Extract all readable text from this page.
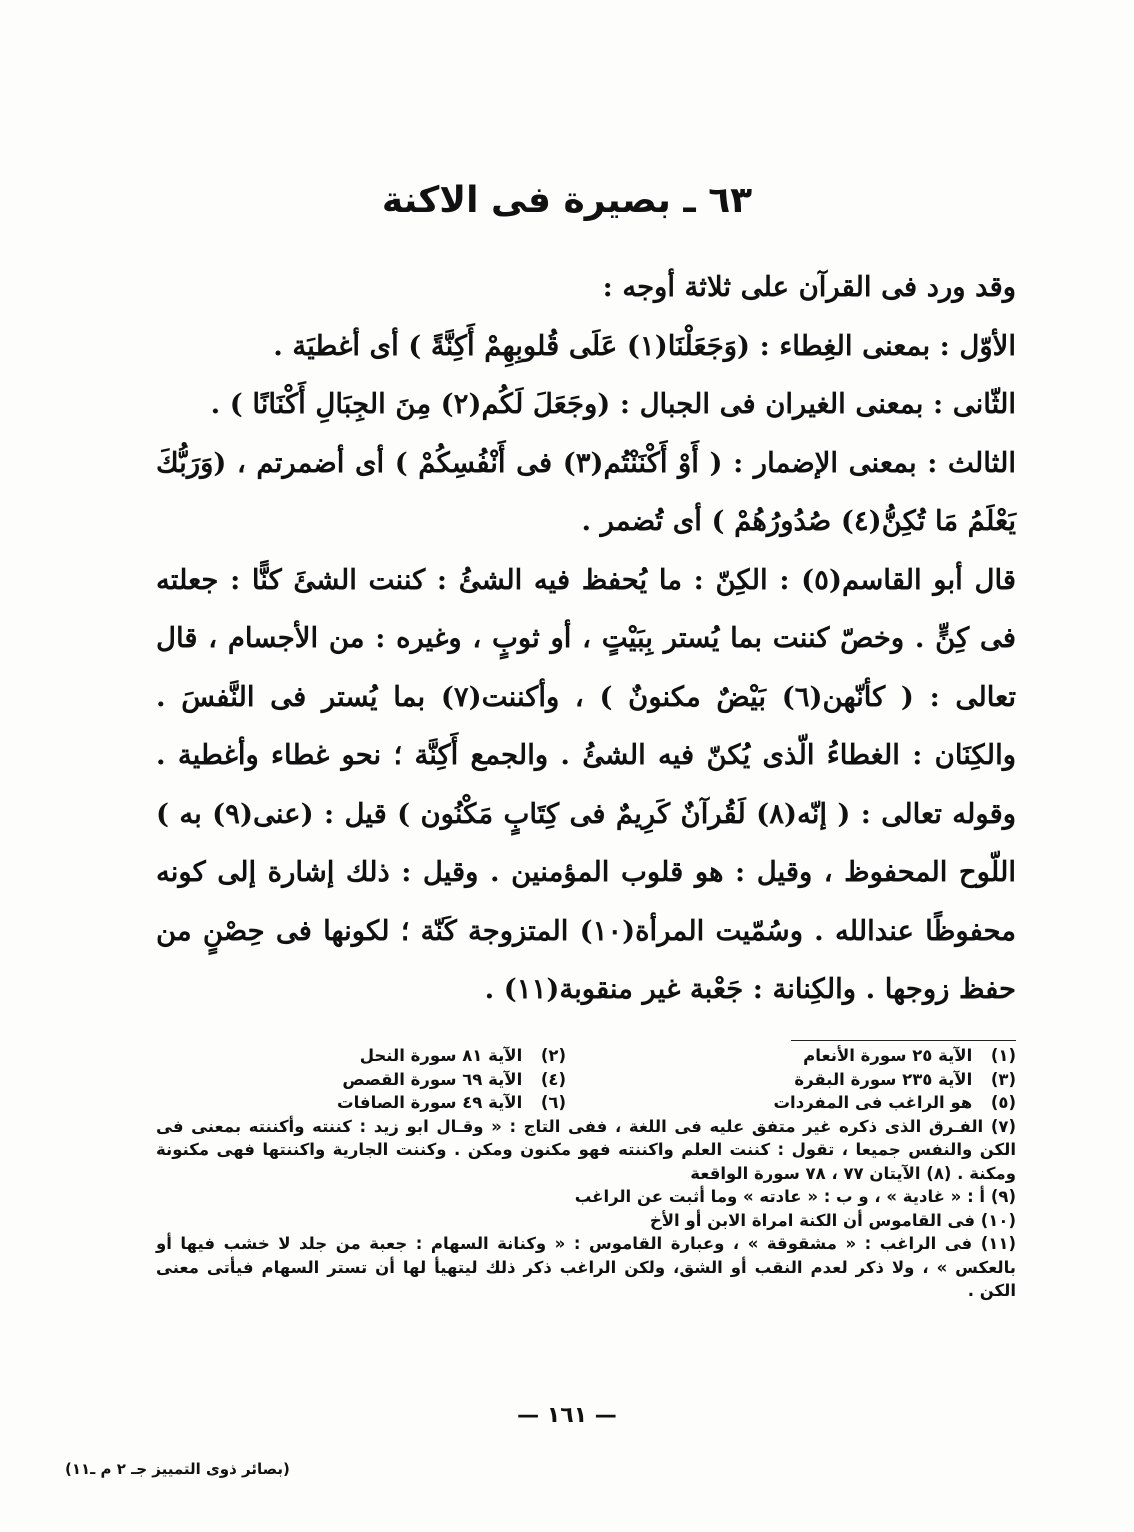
٦٣ ـ بصيرة فى الاكنة

وقد ورد فى القرآن على ثلاثة أوجه :

الأوّل : بمعنى الغِطاء : (وَجَعَلْنَا(١) عَلَى قُلوبِهِمْ أَكِنَّةً ) أى أغطيَة .

الثّانى : بمعنى الغيران فى الجبال : (وجَعَلَ لَكُم(٢) مِنَ الجِبَالِ أَكْنَانًا ) .

الثالث : بمعنى الإضمار : ( أَوْ أَكْنَنْتُم(٣) فى أَنْفُسِكُمْ ) أى أضمرتم ، (وَرَبُّكَ يَعْلَمُ مَا تُكِنُّ(٤) صُدُورُهُمْ ) أى تُضمر .

قال أبو القاسم(٥) : الكِنّ : ما يُحفظ فيه الشئُ : كننت الشئَ كنًّا : جعلته فى كِنٍّ . وخصّ كننت بما يُستر بِبَيْتٍ ، أو ثوبٍ ، وغيره : من الأجسام ، قال تعالى : ( كأنّهن(٦) بَيْضٌ مكنونٌ ) ، وأكننت(٧) بما يُستر فى النَّفسَ . والكِنَان : الغطاءُ الّذى يُكنّ فيه الشئُ . والجمع أَكِنَّة ؛ نحو غطاء وأغطية . وقوله تعالى : ( إنّه(٨) لَقُرآنٌ كَرِيمٌ فى كِتَابٍ مَكْنُون ) قيل : (عنى(٩) به ) اللّوح المحفوظ ، وقيل : هو قلوب المؤمنين . وقيل : ذلك إشارة إلى كونه محفوظًا عندالله . وسُمّيت المرأة(١٠) المتزوجة كَنّة ؛ لكونها فى حِصْنٍ من حفظ زوجها . والكِنانة : جَعْبة غير منقوبة(١١) .

(١) الآية ٢٥ سورة الأنعام
(٢) الآية ٨١ سورة النحل
(٣) الآية ٢٣٥ سورة البقرة
(٤) الآية ٦٩ سورة القصص
(٥) هو الراغب فى المفردات
(٦) الآية ٤٩ سورة الصافات

(٧) الفـرق الذى ذكره غير متفق عليه فى اللغة ، ففى التاج : « وقـال ابو زيد : كننته وأكننته بمعنى فى الكن والنفس جميعا ، تقول : كننت العلم واكننته فهو مكنون ومكن . وكننت الجارية واكننتها فهى مكنونة ومكنة . (٨) الآيتان ٧٧ ، ٧٨ سورة الواقعة

(٩) أ : « غادية » ، و ب : « عادته » وما أثبت عن الراغب

(١٠) فى القاموس أن الكنة امراة الابن أو الأخ

(١١) فى الراغب : « مشقوقة » ، وعبارة القاموس : « وكنانة السهام : جعبة من جلد لا خشب فيها أو بالعكس » ، ولا ذكر لعدم النقب أو الشق، ولكن الراغب ذكر ذلك ليتهيأ لها أن تستر السهام فيأتى معنى الكن .

— ١٦١ —
(بصائر ذوى التمييز جـ ٢ م ـ١١)
